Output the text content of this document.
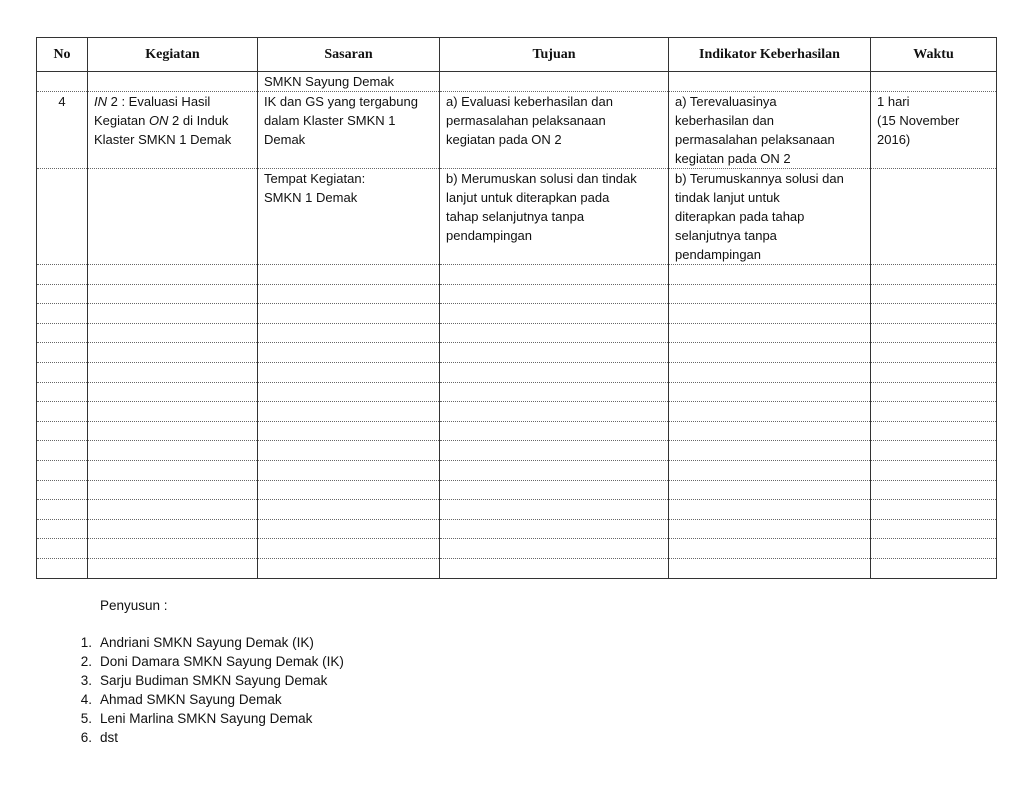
No	Kegiatan	Sasaran	Tujuan	Indikator Keberhasilan	Waktu
		SMKN Sayung Demak			
4	IN 2 : Evaluasi Hasil
Kegiatan ON 2 di Induk
Klaster SMKN 1 Demak	IK dan GS yang tergabung
dalam Klaster SMKN 1
Demak	a) Evaluasi keberhasilan dan
permasalahan pelaksanaan
kegiatan pada ON 2	a) Terevaluasinya
keberhasilan dan
permasalahan pelaksanaan
kegiatan pada ON 2	1 hari
(15 November
2016)

		Tempat Kegiatan:
SMKN 1 Demak	b) Merumuskan solusi dan tindak
lanjut untuk diterapkan pada
tahap selanjutnya tanpa
pendampingan	b) Terumuskannya solusi dan
tindak lanjut untuk
diterapkan pada tahap
selanjutnya tanpa
pendampingan	

Penyusun :
1. Andriani SMKN Sayung Demak (IK)
2. Doni Damara SMKN Sayung Demak (IK)
3. Sarju Budiman SMKN Sayung Demak
4. Ahmad SMKN Sayung Demak
5. Leni Marlina SMKN Sayung Demak
6. dst
